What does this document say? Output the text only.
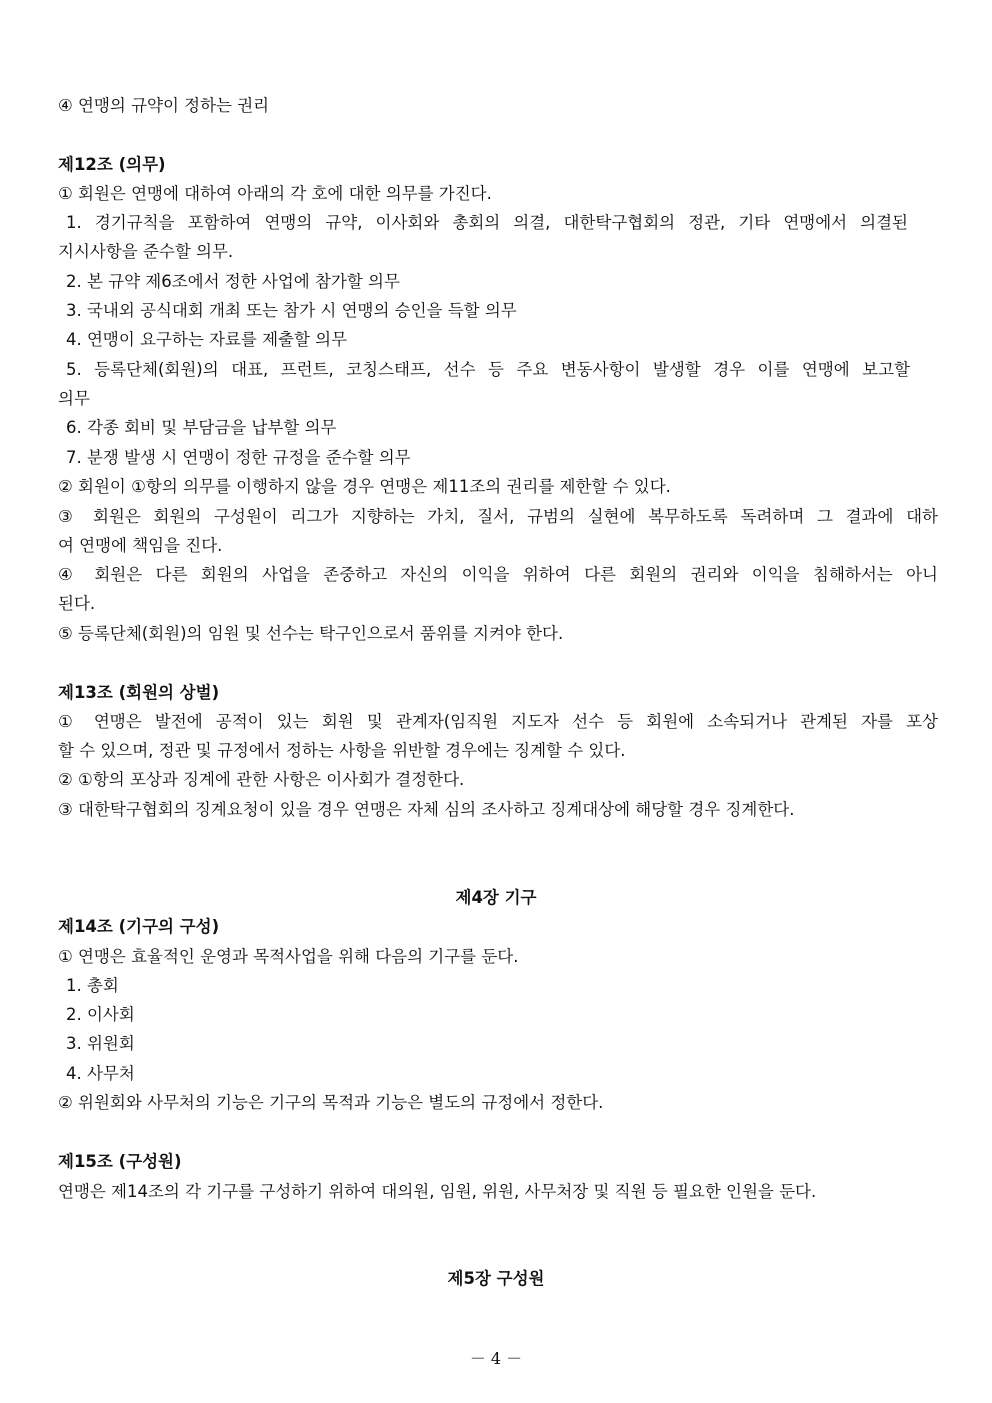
④ 연맹의 규약이 정하는 권리
제12조 (의무)
① 회원은 연맹에 대하여 아래의 각 호에 대한 의무를 가진다.
1. 경기규칙을 포함하여 연맹의 규약, 이사회와 총회의 의결, 대한탁구협회의 정관, 기타 연맹에서 의결된
지시사항을 준수할 의무.
2. 본 규약 제6조에서 정한 사업에 참가할 의무
3. 국내외 공식대회 개최 또는 참가 시 연맹의 승인을 득할 의무
4. 연맹이 요구하는 자료를 제출할 의무
5. 등록단체(회원)의 대표, 프런트, 코칭스태프, 선수 등 주요 변동사항이 발생할 경우 이를 연맹에 보고할
의무
6. 각종 회비 및 부담금을 납부할 의무
7. 분쟁 발생 시 연맹이 정한 규정을 준수할 의무
② 회원이 ①항의 의무를 이행하지 않을 경우 연맹은 제11조의 권리를 제한할 수 있다.
③ 회원은 회원의 구성원이 리그가 지향하는 가치, 질서, 규범의 실현에 복무하도록 독려하며 그 결과에 대하
여 연맹에 책임을 진다.
④ 회원은 다른 회원의 사업을 존중하고 자신의 이익을 위하여 다른 회원의 권리와 이익을 침해하서는 아니
된다.
⑤ 등록단체(회원)의 임원 및 선수는 탁구인으로서 품위를 지켜야 한다.
제13조 (회원의 상벌)
① 연맹은 발전에 공적이 있는 회원 및 관계자(임직원 지도자 선수 등 회원에 소속되거나 관계된 자를 포상
할 수 있으며, 정관 및 규정에서 정하는 사항을 위반할 경우에는 징계할 수 있다.
② ①항의 포상과 징계에 관한 사항은 이사회가 결정한다.
③ 대한탁구협회의 징계요청이 있을 경우 연맹은 자체 심의 조사하고 징계대상에 해당할 경우 징계한다.
제4장 기구
제14조 (기구의 구성)
① 연맹은 효율적인 운영과 목적사업을 위해 다음의 기구를 둔다.
1. 총회
2. 이사회
3. 위원회
4. 사무처
② 위원회와 사무처의 기능은 기구의 목적과 기능은 별도의 규정에서 정한다.
제15조 (구성원)
연맹은 제14조의 각 기구를 구성하기 위하여 대의원, 임원, 위원, 사무처장 및 직원 등 필요한 인원을 둔다.
제5장 구성원
－ 4 －
